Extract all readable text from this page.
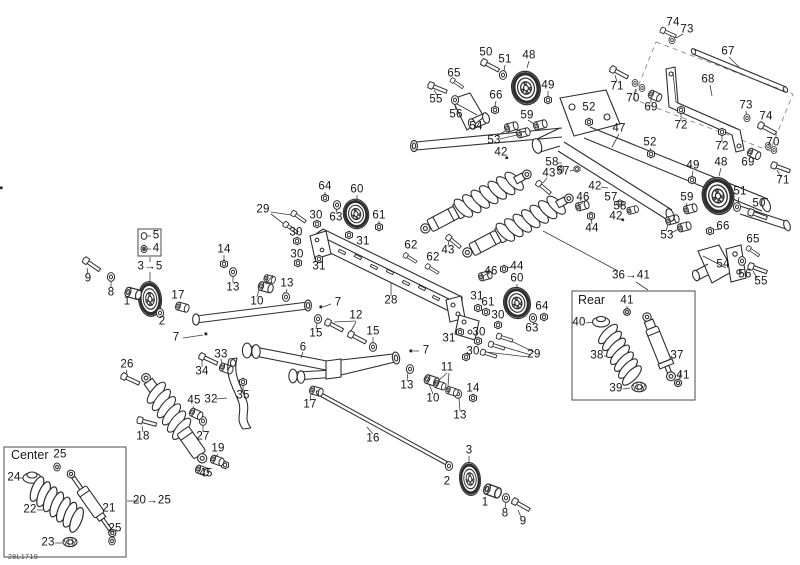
Center
Rear
28L1719
74
73
67
68
71
70
69
72
73
74
72	70
69
71
50
51 48
65
55
56
66
54
49
59
53
42
52
47
52
58
57
43
49 48
51
50
59
66
65
53
54
56
55
42
57
58
42
46
44
62 43
62
46 44
60	36→41
64 60
29	30 63	61
30
31
30
31
31
61
30
64
63
30
31
30	29
5
4
3→5
14
9
8
1	17
2
13
10
13
7
7
12
15	15
6
28
33
34
26
35
32
45	17
27
18
19
16
45
20→25
7
13
11
10
14
13
25
24
22	21
23
25
41
40
38	37
39
41
3
2
1
8
9
